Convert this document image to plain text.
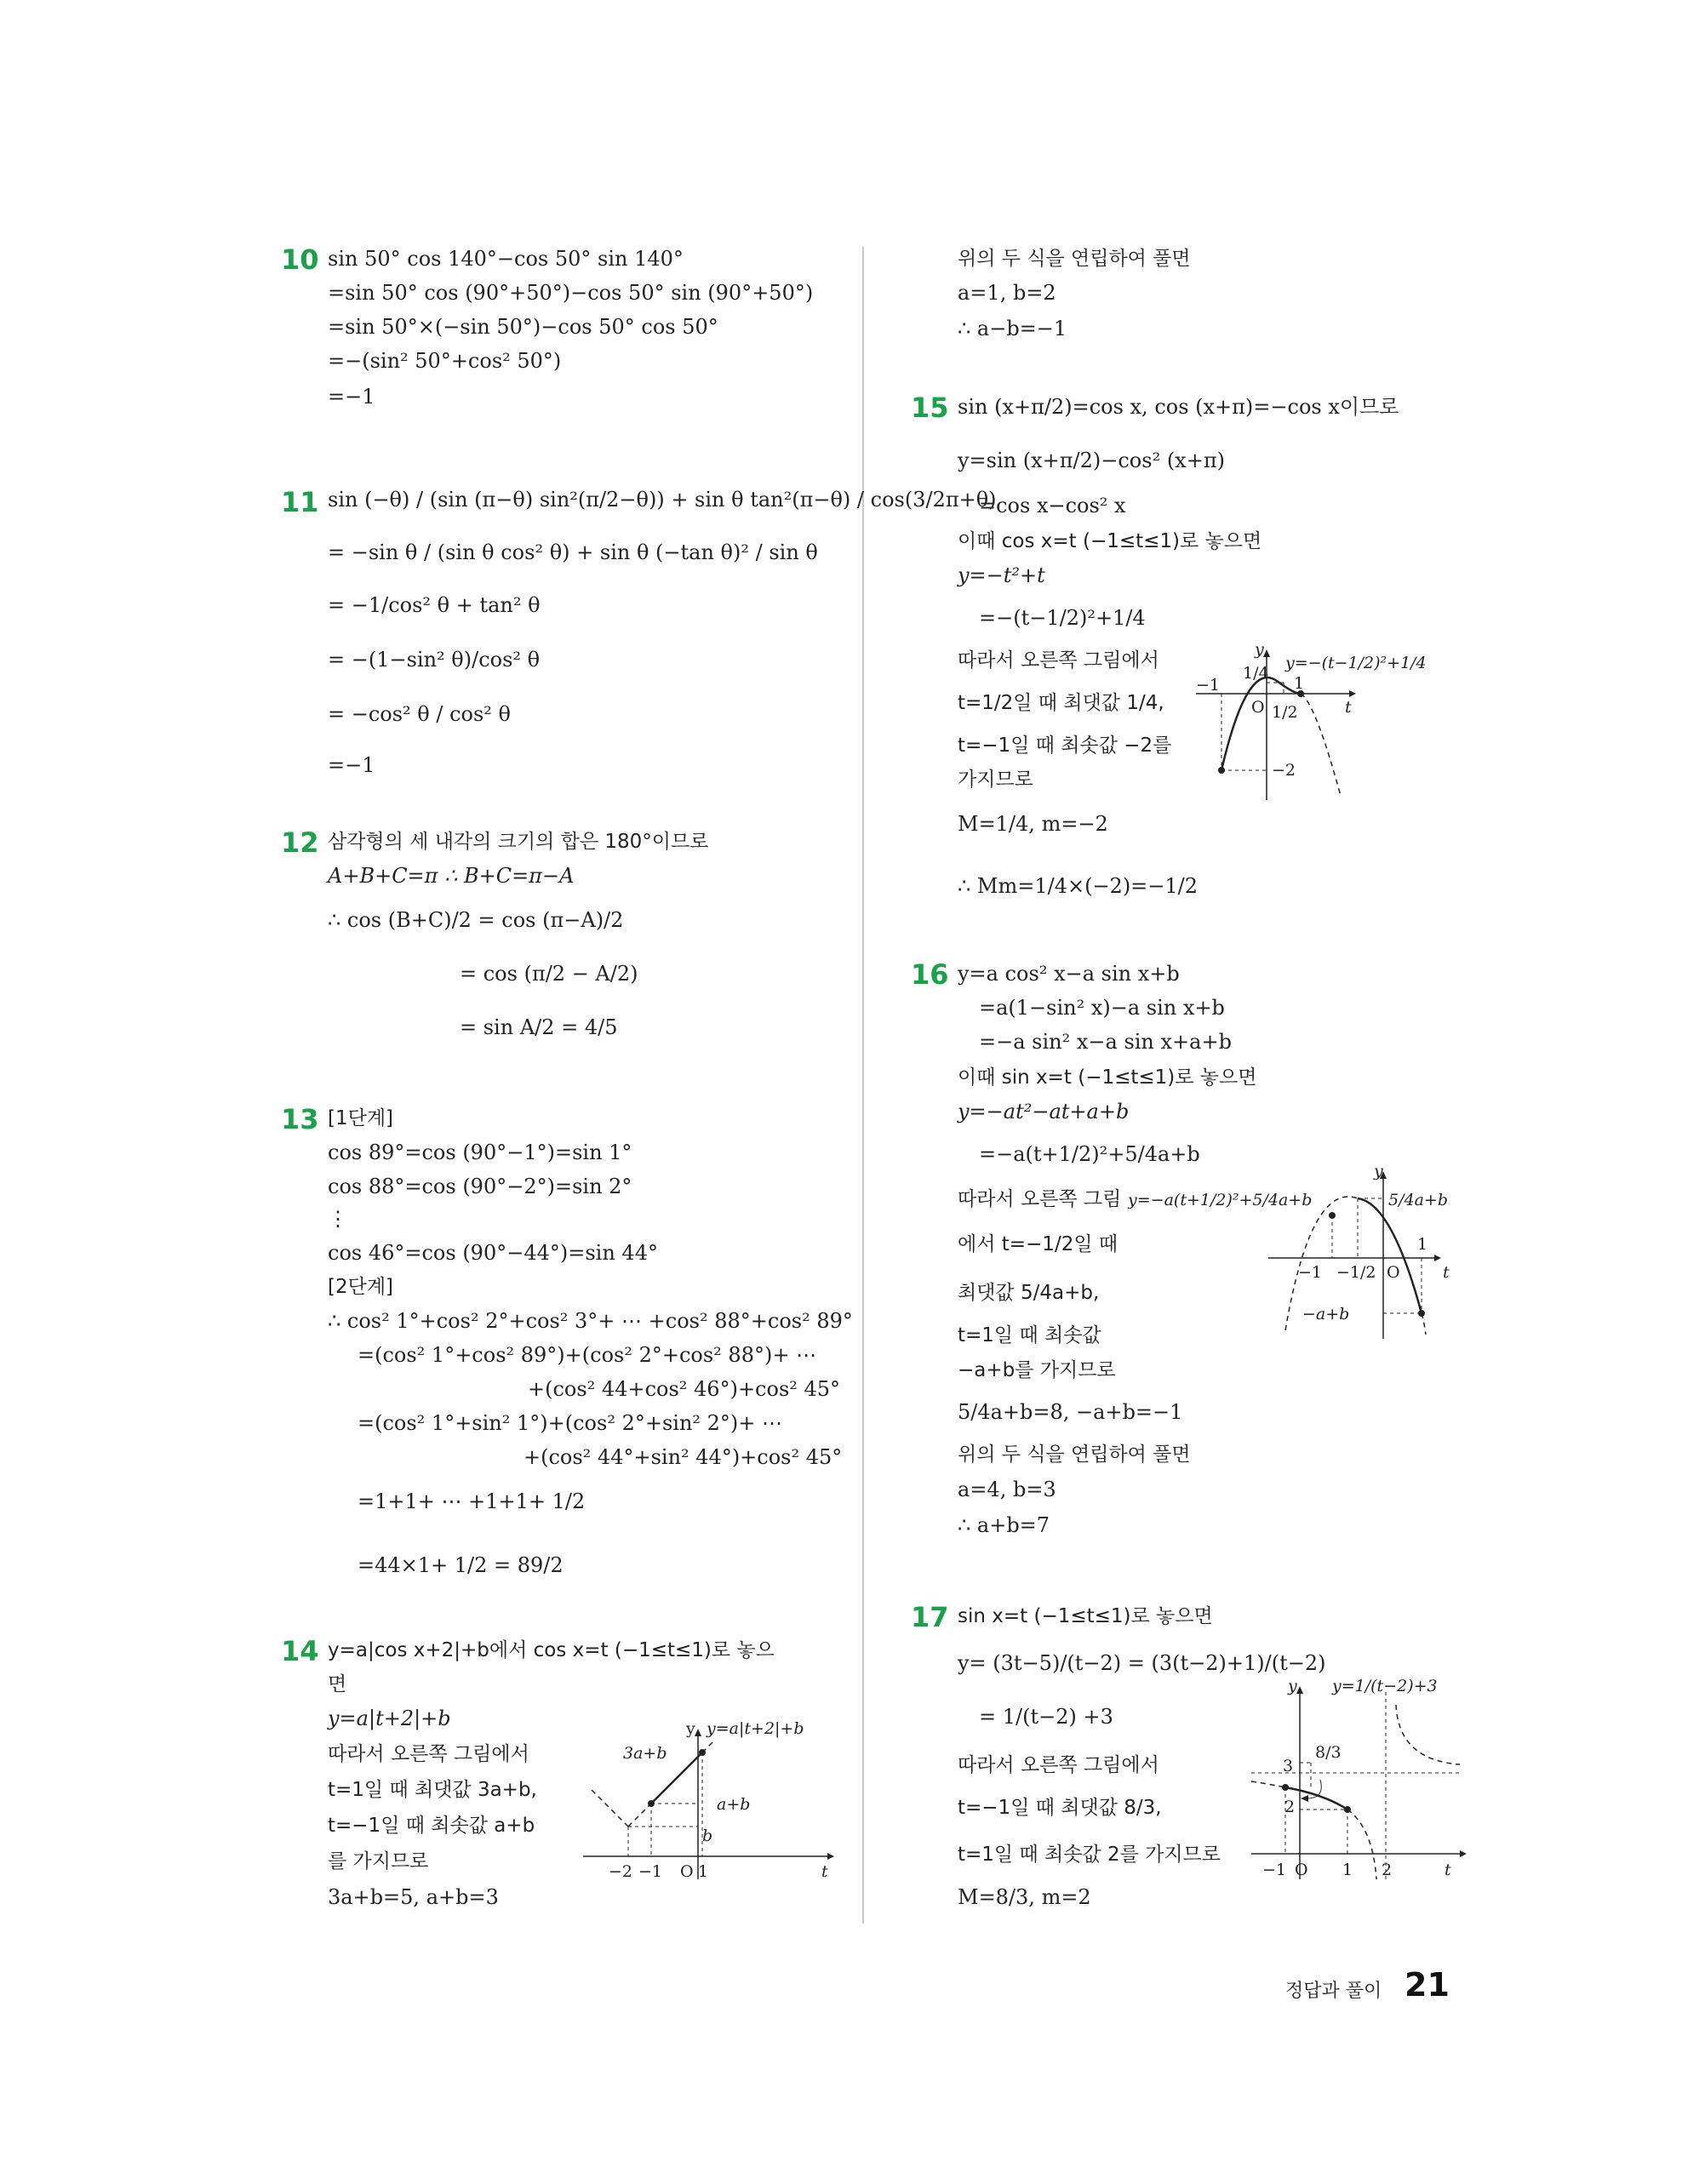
10 sin 50° cos 140°−cos 50° sin 140°
=sin 50° cos (90°+50°)−cos 50° sin (90°+50°)
=sin 50°×(−sin 50°)−cos 50° cos 50°
=−(sin² 50°+cos² 50°)
=−1
11 sin (−θ) / (sin (π−θ) sin²(π/2−θ)) + sin θ tan²(π−θ) / cos(3/2π+θ)
= −sin θ / (sin θ cos² θ) + sin θ (−tan θ)² / sin θ
= −1/cos² θ + tan² θ
= −(1−sin² θ)/cos² θ
= −cos² θ / cos² θ
=−1
12 삼각형의 세 내각의 크기의 합은 180°이므로
A+B+C=π ∴ B+C=π−A
∴ cos (B+C)/2 = cos (π−A)/2
= cos (π/2 − A/2)
= sin A/2 = 4/5
13 [1단계]
cos 89°=cos (90°−1°)=sin 1°
cos 88°=cos (90°−2°)=sin 2°
⋮
cos 46°=cos (90°−44°)=sin 44°
[2단계]
∴ cos² 1°+cos² 2°+cos² 3°+ ⋯ +cos² 88°+cos² 89°
=(cos² 1°+cos² 89°)+(cos² 2°+cos² 88°)+ ⋯
+(cos² 44+cos² 46°)+cos² 45°
=(cos² 1°+sin² 1°)+(cos² 2°+sin² 2°)+ ⋯
+(cos² 44°+sin² 44°)+cos² 45°
=1+1+ ⋯ +1+1+ 1/2
=44×1+ 1/2 = 89/2
14 y=a|cos x+2|+b에서 cos x=t (−1≤t≤1)로 놓으
면
y=a|t+2|+b
따라서 오른쪽 그림에서
t=1일 때 최댓값 3a+b,
t=−1일 때 최솟값 a+b
를 가지므로
3a+b=5, a+b=3
y y=a|t+2|+b
3a+b
a+b
b
−2 −1 O 1	t
위의 두 식을 연립하여 풀면
a=1, b=2
∴ a−b=−1
15 sin (x+π/2)=cos x, cos (x+π)=−cos x이므로
y=sin (x+π/2)−cos² (x+π)
=cos x−cos² x
이때 cos x=t (−1≤t≤1)로 놓으면
y=−t²+t
=−(t−1/2)²+1/4
따라서 오른쪽 그림에서
t=1/2일 때 최댓값 1/4,
t=−1일 때 최솟값 −2를
가지므로
M=1/4, m=−2
∴ Mm=1/4×(−2)=−1/2
y
y=−(t−1/2)²+1/4
1/4
−1
O 1/2
1
t
−2
16 y=a cos² x−a sin x+b
=a(1−sin² x)−a sin x+b
=−a sin² x−a sin x+a+b
이때 sin x=t (−1≤t≤1)로 놓으면
y=−at²−at+a+b
=−a(t+1/2)²+5/4a+b
따라서 오른쪽 그림
에서 t=−1/2일 때
최댓값 5/4a+b,
t=1일 때 최솟값
−a+b를 가지므로
5/4a+b=8, −a+b=−1
위의 두 식을 연립하여 풀면
a=4, b=3
∴ a+b=7
y
y=−a(t+1/2)²+5/4a+b	5/4a+b
−1 −1/2 O
1
t
−a+b
17 sin x=t (−1≤t≤1)로 놓으면
y= (3t−5)/(t−2) = (3(t−2)+1)/(t−2)
= 1/(t−2) +3
따라서 오른쪽 그림에서
t=−1일 때 최댓값 8/3,
t=1일 때 최솟값 2를 가지므로
M=8/3, m=2
y y=1/(t−2)+3
8/3
3
2
−1 O 1 2	t
정답과 풀이 21
